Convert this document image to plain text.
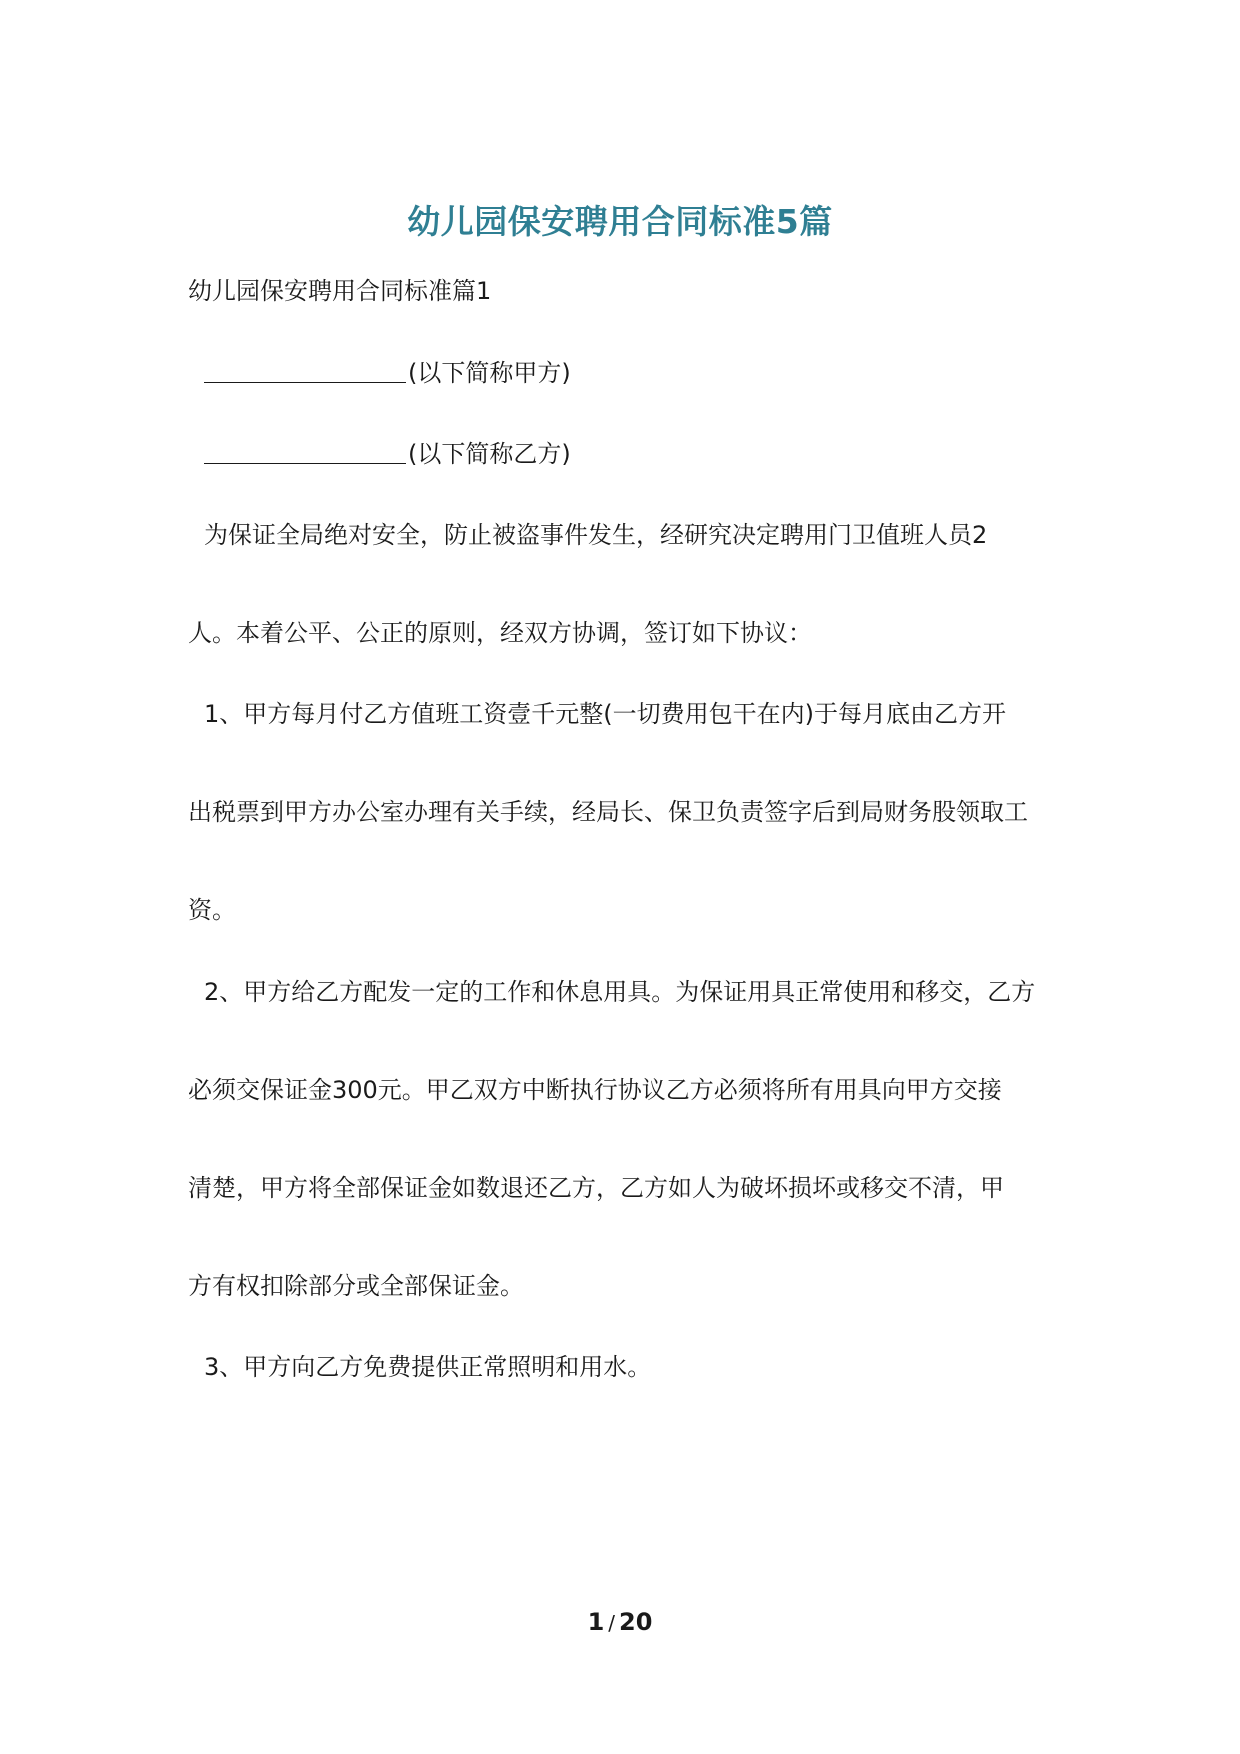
幼儿园保安聘用合同标准5篇
幼儿园保安聘用合同标准篇1
(以下简称甲方)
(以下简称乙方)
为保证全局绝对安全，防止被盗事件发生，经研究决定聘用门卫值班人员2
人。本着公平、公正的原则，经双方协调，签订如下协议：
1、甲方每月付乙方值班工资壹千元整(一切费用包干在内)于每月底由乙方开
出税票到甲方办公室办理有关手续，经局长、保卫负责签字后到局财务股领取工
资。
2、甲方给乙方配发一定的工作和休息用具。为保证用具正常使用和移交，乙方
必须交保证金300元。甲乙双方中断执行协议乙方必须将所有用具向甲方交接
清楚，甲方将全部保证金如数退还乙方，乙方如人为破坏损坏或移交不清，甲
方有权扣除部分或全部保证金。
3、甲方向乙方免费提供正常照明和用水。
1 / 20
